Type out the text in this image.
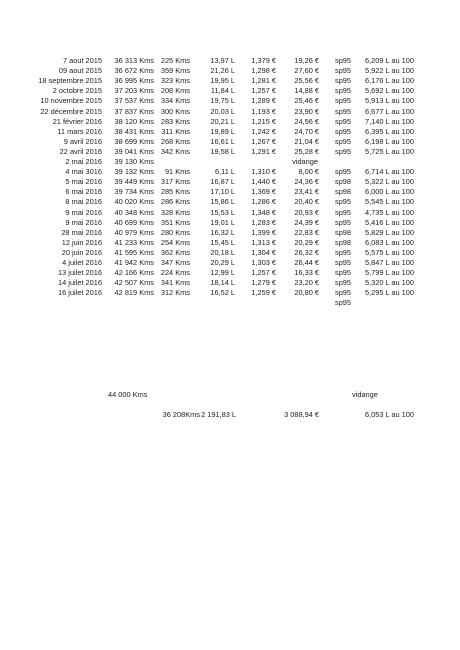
7 aout 2015	36 313 Kms 225 Kms	13,97 L	1,379 €	19,26 € sp95	6,209 L au 100
09 aout 2015	36 672 Kms 359 Kms	21,26 L	1,298 €	27,60 € sp95	5,922 L au 100
18 septembre 2015	36 995 Kms 323 Kms	19,95 L	1,281 €	25,56 € sp95	6,176 L au 100
2 octobre 2015	37 203 Kms 208 Kms	11,84 L	1,257 €	14,88 € sp95	5,692 L au 100
10 novembre 2015	37 537 Kms 334 Kms	19,75 L	1,289 €	25,46 € sp95	5,913 L au 100
22 décembre 2015	37 837 Kms 300 Kms	20,03 L	1,193 €	23,90 € sp95	6,677 L au 100
21 février 2016	38 120 Kms 283 Kms	20,21 L	1,215 €	24,56 € sp95	7,140 L au 100
11 mars 2016	38 431 Kms 311 Kms	19,89 L	1,242 €	24,70 € sp95	6,395 L au 100
9 avril 2016	38 699 Kms 268 Kms	16,61 L	1,267 €	21,04 € sp95	6,198 L au 100
22 avril 2016	39 041 Kms 342 Kms	19,58 L	1,291 €	25,28 € sp95	5,725 L au 100
2 mai 2016	39 130 Kms	vidange
4 mai 3016	39 132 Kms	91 Kms	6,11 L	1,310 €	8,00 € sp95	6,714 L au 100
5 mai 2016	39 449 Kms 317 Kms	16,87 L	1,440 €	24,36 € sp98	5,322 L au 100
6 mai 2016	39 734 Kms 285 Kms	17,10 L	1,369 €	23,41 € sp98	6,000 L au 100
8 mai 2016	40 020 Kms 286 Kms	15,86 L	1,286 €	20,40 € sp95	5,545 L au 100
9 mai 2016	40 348 Kms 328 Kms	15,53 L	1,348 €	20,93 € sp95	4,735 L au 100
9 mai 2016	40 699 Kms 351 Kms	19,01 L	1,283 €	24,39 € sp95	5,416 L au 100
28 mai 2016	40 979 Kms 280 Kms	16,32 L	1,399 €	22,83 € sp98	5,829 L au 100
12 juin 2016	41 233 Kms 254 Kms	15,45 L	1,313 €	20,29 € sp98	6,083 L au 100
20 juin 2016	41 595 Kms 362 Kms	20,18 L	1,304 €	26,32 € sp95	5,575 L au 100
4 juilet 2016	41 942 Kms 347 Kms	20,29 L	1,303 €	26,44 € sp95	5,847 L au 100
13 juilet 2016	42 166 Kms 224 Kms	12,99 L	1,257 €	16,33 € sp95	5,799 L au 100
14 juilet 2016	42 507 Kms 341 Kms	18,14 L	1,279 €	23,20 € sp95	5,320 L au 100
16 juilet 2016	42 819 Kms 312 Kms	16,52 L	1,259 €	20,80 € sp95	5,295 L au 100
sp95
44 000 Kms	vidange
36 208Kms 2 191,83 L	3 088,94 €	6,053 L au 100
